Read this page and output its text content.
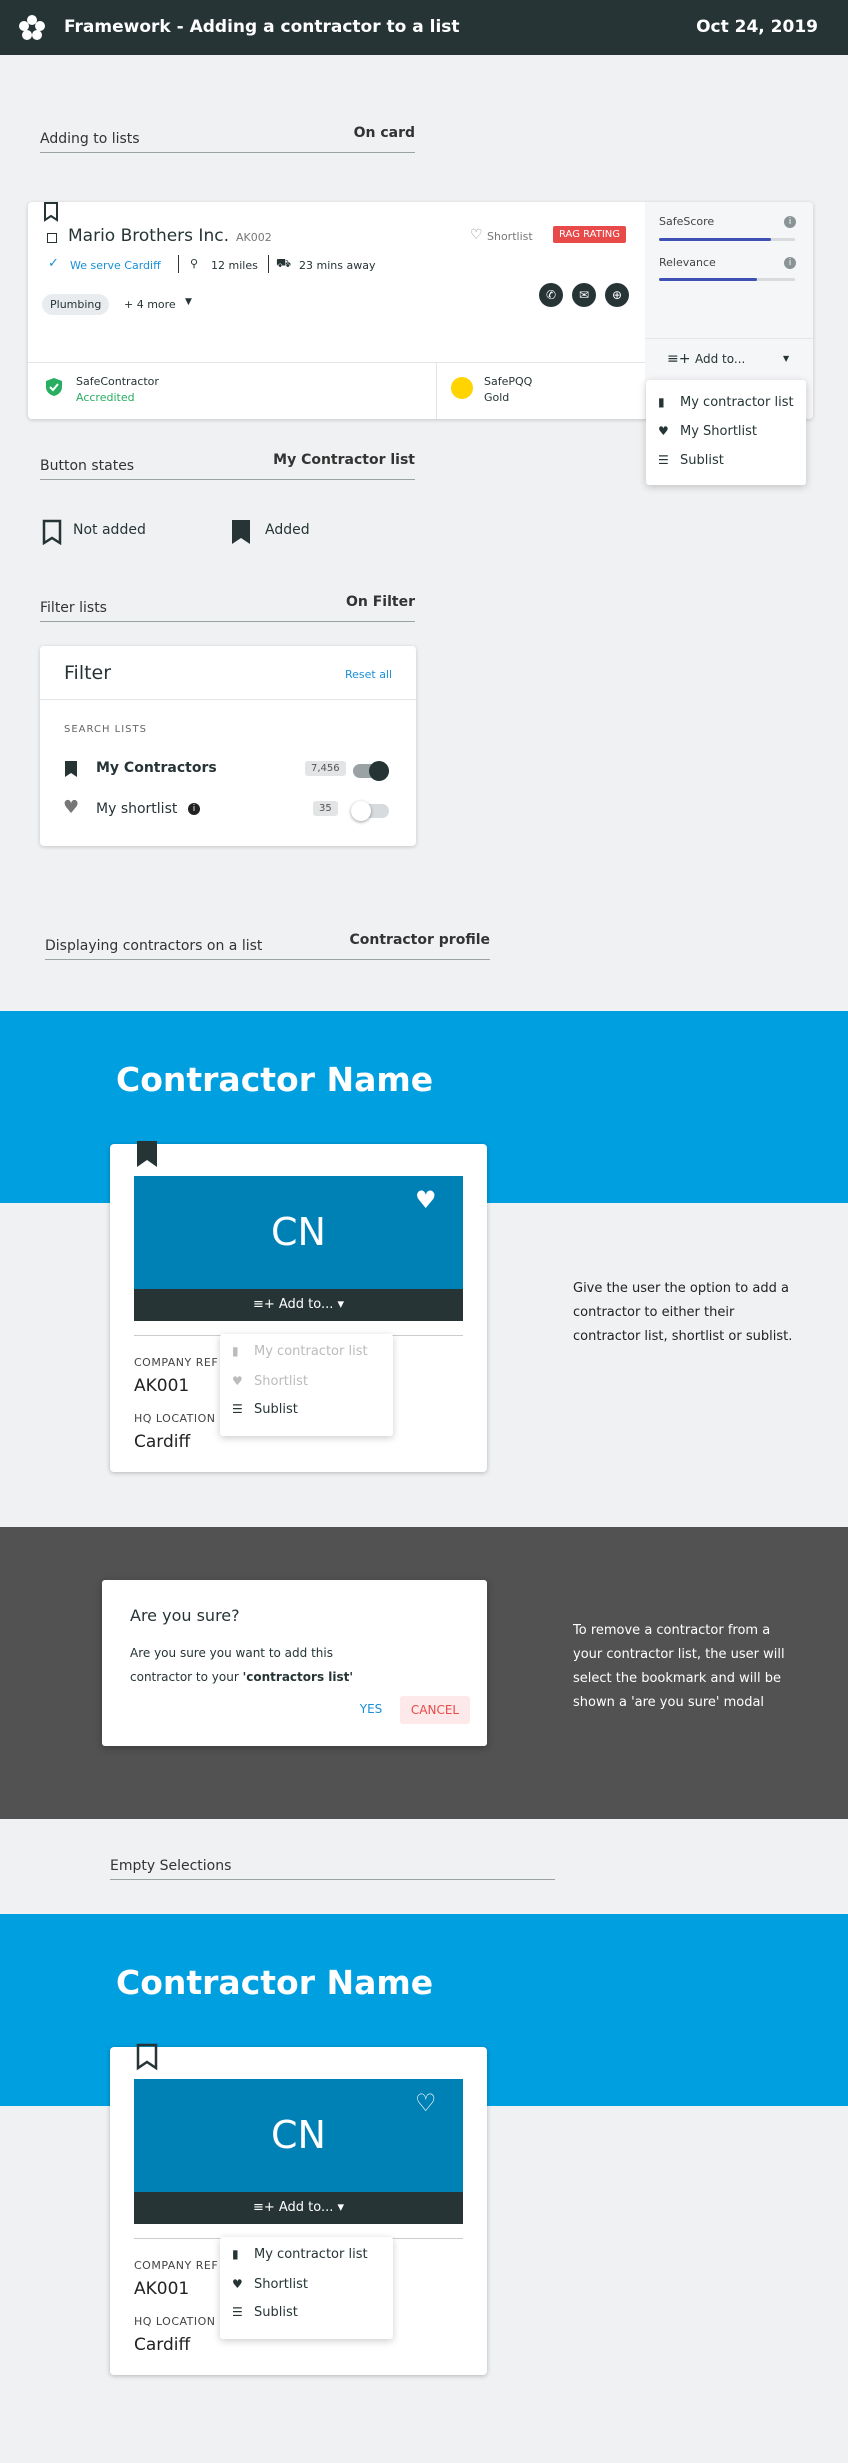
Framework - Adding a contractor to a list	Oct 24, 2019
Adding to lists	On card
Mario Brothers Inc. AK002	♡ Shortlist	RAG RATING
✓ We serve Cardiff	⚲ 12 miles ⛟ 23 mins away
Plumbing	+ 4 more ▼	✆	✉	⊕
SafeScore	i
Relevance	i
≡+ Add to...	▼
SafeContractor
Accredited
SafePQQ
Gold	▮ My contractor list
♥ My Shortlist
☰ Sublist
Button states	My Contractor list
Not added	Added
Filter lists	On Filter
Filter	Reset all
SEARCH LISTS
My Contractors	7,456
♥ My shortlist	i	35
Displaying contractors on a list	Contractor profile
Contractor Name
CN
♥
≡+ Add to... ▾
COMPANY REF
AK001
HQ LOCATION
Cardiff
▮ My contractor list
♥ Shortlist
☰ Sublist
Give the user the option to add a contractor to either their contractor list, shortlist or sublist.
Are you sure?
Are you sure you want to add this
contractor to your 'contractors list'
YES	CANCEL
To remove a contractor from a your contractor list, the user will select the bookmark and will be shown a 'are you sure' modal
Empty Selections
Contractor Name
CN
♡
≡+ Add to... ▾
COMPANY REF
AK001
HQ LOCATION
Cardiff
▮ My contractor list
♥ Shortlist
☰ Sublist
